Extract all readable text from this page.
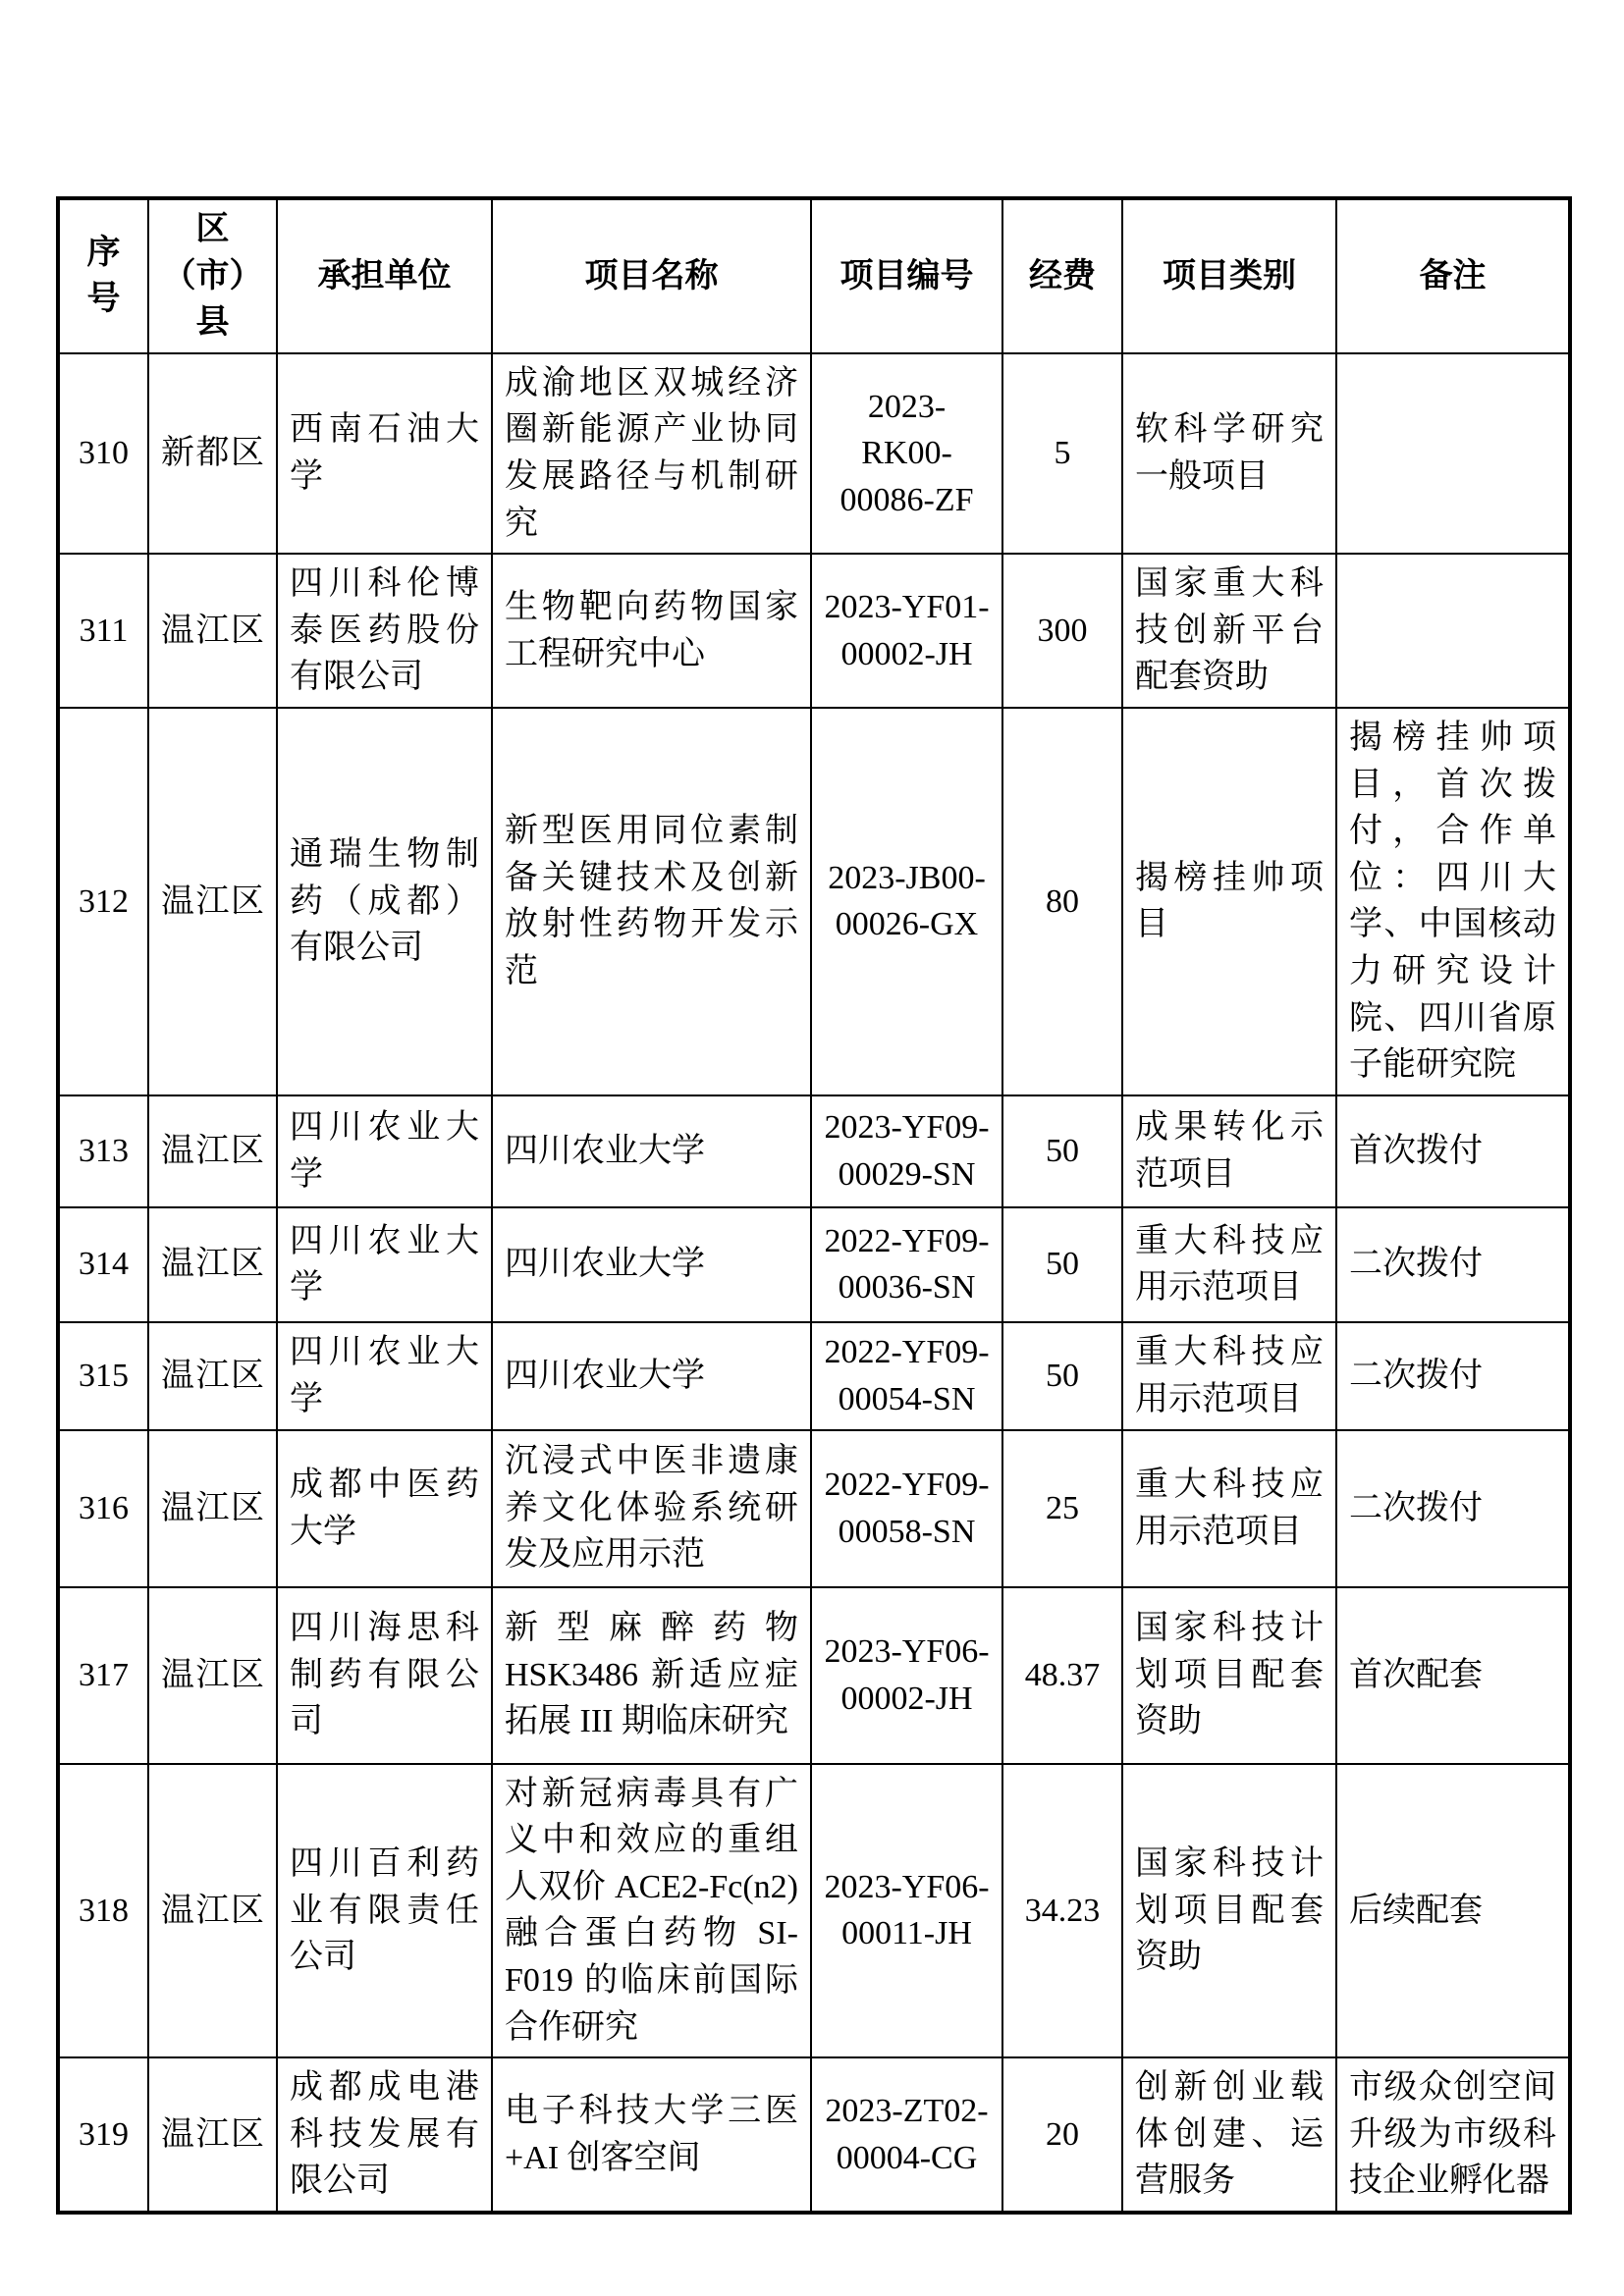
序号	区（市）县	承担单位	项目名称	项目编号	经费	项目类别	备注
310	新都区	西南石油大学	成渝地区双城经济圈新能源产业协同发展路径与机制研究	2023-RK00-00086-ZF	5	软科学研究一般项目	
311	温江区	四川科伦博泰医药股份有限公司	生物靶向药物国家工程研究中心	2023-YF01-00002-JH	300	国家重大科技创新平台配套资助	
312	温江区	通瑞生物制药（成都）有限公司	新型医用同位素制备关键技术及创新放射性药物开发示范	2023-JB00-00026-GX	80	揭榜挂帅项目	揭榜挂帅项目，首次拨付，合作单位：四川大学、中国核动力研究设计院、四川省原子能研究院
313	温江区	四川农业大学	四川农业大学	2023-YF09-00029-SN	50	成果转化示范项目	首次拨付
314	温江区	四川农业大学	四川农业大学	2022-YF09-00036-SN	50	重大科技应用示范项目	二次拨付
315	温江区	四川农业大学	四川农业大学	2022-YF09-00054-SN	50	重大科技应用示范项目	二次拨付
316	温江区	成都中医药大学	沉浸式中医非遗康养文化体验系统研发及应用示范	2022-YF09-00058-SN	25	重大科技应用示范项目	二次拨付
317	温江区	四川海思科制药有限公司	新型麻醉药物 HSK3486 新适应症拓展 III 期临床研究	2023-YF06-00002-JH	48.37	国家科技计划项目配套资助	首次配套
318	温江区	四川百利药业有限责任公司	对新冠病毒具有广义中和效应的重组人双价 ACE2-Fc(n2) 融合蛋白药物 SI-F019 的临床前国际合作研究	2023-YF06-00011-JH	34.23	国家科技计划项目配套资助	后续配套
319	温江区	成都成电港科技发展有限公司	电子科技大学三医+AI 创客空间	2023-ZT02-00004-CG	20	创新创业载体创建、运营服务	市级众创空间升级为市级科技企业孵化器
